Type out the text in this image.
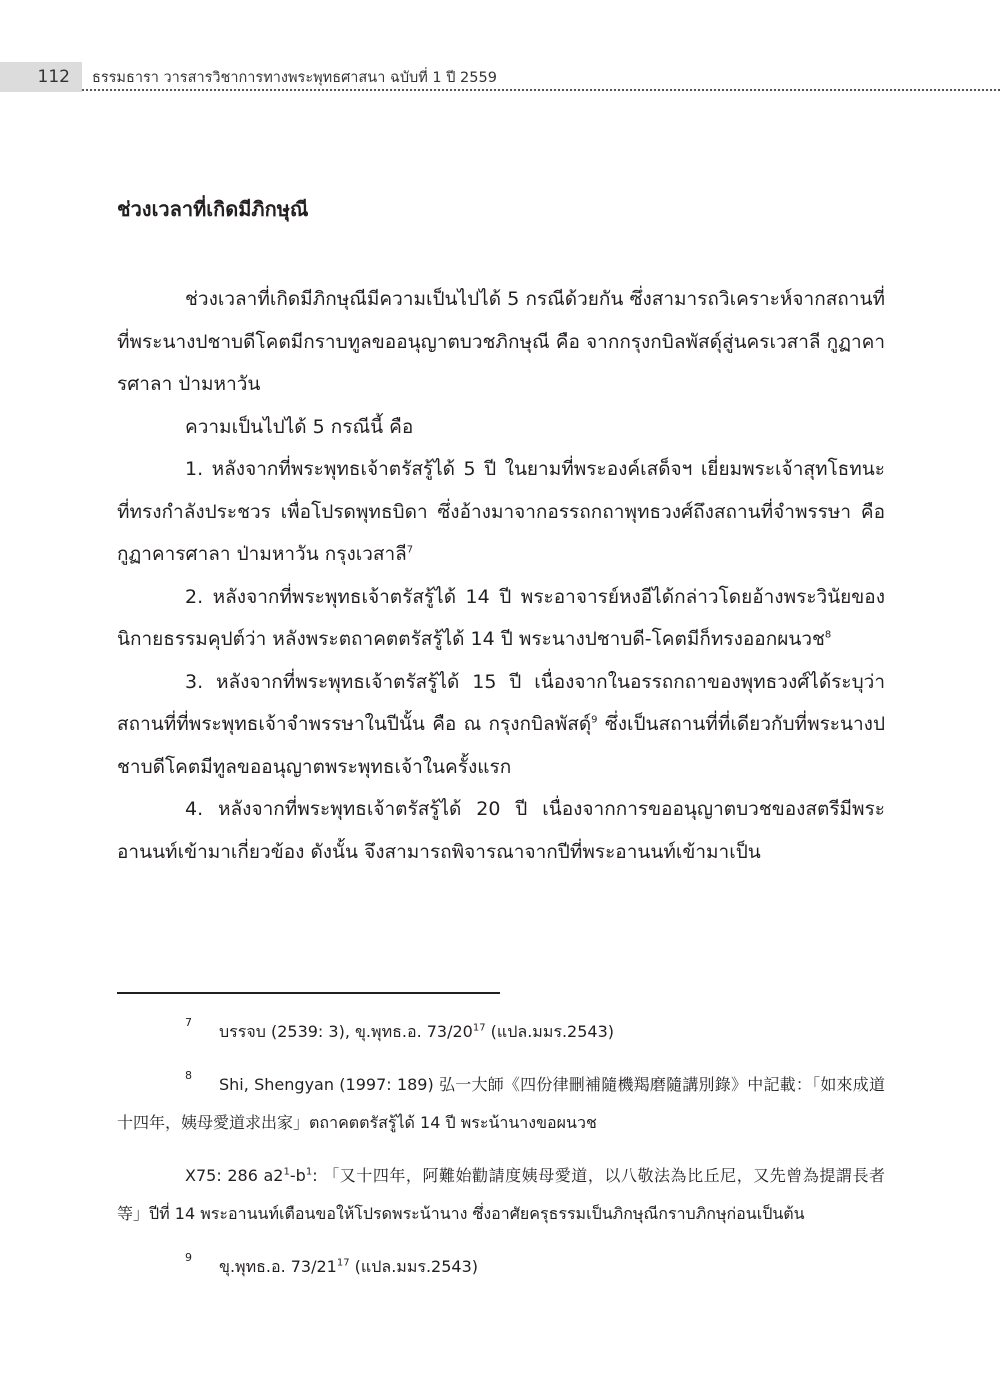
112	ธรรมธารา วารสารวิชาการทางพระพุทธศาสนา ฉบับที่ 1 ปี 2559
ช่วงเวลาที่เกิดมีภิกษุณี

ช่วงเวลาที่เกิดมีภิกษุณีมีความเป็นไปได้ 5 กรณีด้วยกัน ซึ่งสามารถวิเคราะห์จากสถานที่ที่พระนางปชาบดีโคตมีกราบทูลขออนุญาตบวชภิกษุณี คือ จากกรุงกบิลพัสดุ์สู่นครเวสาลี กูฏาคารศาลา ป่ามหาวัน

ความเป็นไปได้ 5 กรณีนี้ คือ

1. หลังจากที่พระพุทธเจ้าตรัสรู้ได้ 5 ปี ในยามที่พระองค์เสด็จฯ เยี่ยมพระเจ้าสุทโธทนะที่ทรงกำลังประชวร เพื่อโปรดพุทธบิดา ซึ่งอ้างมาจากอรรถกถาพุทธวงศ์ถึงสถานที่จำพรรษา คือ กูฏาคารศาลา ป่ามหาวัน กรุงเวสาลี$^7$

2. หลังจากที่พระพุทธเจ้าตรัสรู้ได้ 14 ปี พระอาจารย์หงอีได้กล่าวโดยอ้างพระวินัยของนิกายธรรมคุปต์ว่า หลังพระตถาคตตรัสรู้ได้ 14 ปี พระนางปชาบดี-โคตมีก็ทรงออกผนวช$^8$

3. หลังจากที่พระพุทธเจ้าตรัสรู้ได้ 15 ปี เนื่องจากในอรรถกถาของพุทธวงศ์ได้ระบุว่า สถานที่ที่พระพุทธเจ้าจำพรรษาในปีนั้น คือ ณ กรุงกบิลพัสดุ์$^9$ ซึ่งเป็นสถานที่ที่เดียวกับที่พระนางปชาบดีโคตมีทูลขออนุญาตพระพุทธเจ้าในครั้งแรก

4. หลังจากที่พระพุทธเจ้าตรัสรู้ได้ 20 ปี เนื่องจากการขออนุญาตบวชของสตรีมีพระอานนท์เข้ามาเกี่ยวข้อง ดังนั้น จึงสามารถพิจารณาจากปีที่พระอานนท์เข้ามาเป็น

7 บรรจบ (2539: 3), ขุ.พุทธ.อ. $73/20^{17}$ (แปล.มมร.2543)

8 Shi, Shengyan (1997: 189) 弘一大師《四份律刪補隨機羯磨隨講別錄》中記載：「如來成道十四年，姨母愛道求出家」ตถาคตตรัสรู้ได้ 14 ปี พระน้านางขอผนวช

X75: 286 $a2^1-b^1$: 「又十四年，阿難始勸請度姨母愛道，以八敬法為比丘尼，又先曾為提謂長者等」ปีที่ 14 พระอานนท์เตือนขอให้โปรดพระน้านาง ซึ่งอาศัยครุธรรมเป็นภิกษุณีกราบภิกษุก่อนเป็นต้น

9 ขุ.พุทธ.อ. $73/21^{17}$ (แปล.มมร.2543)
